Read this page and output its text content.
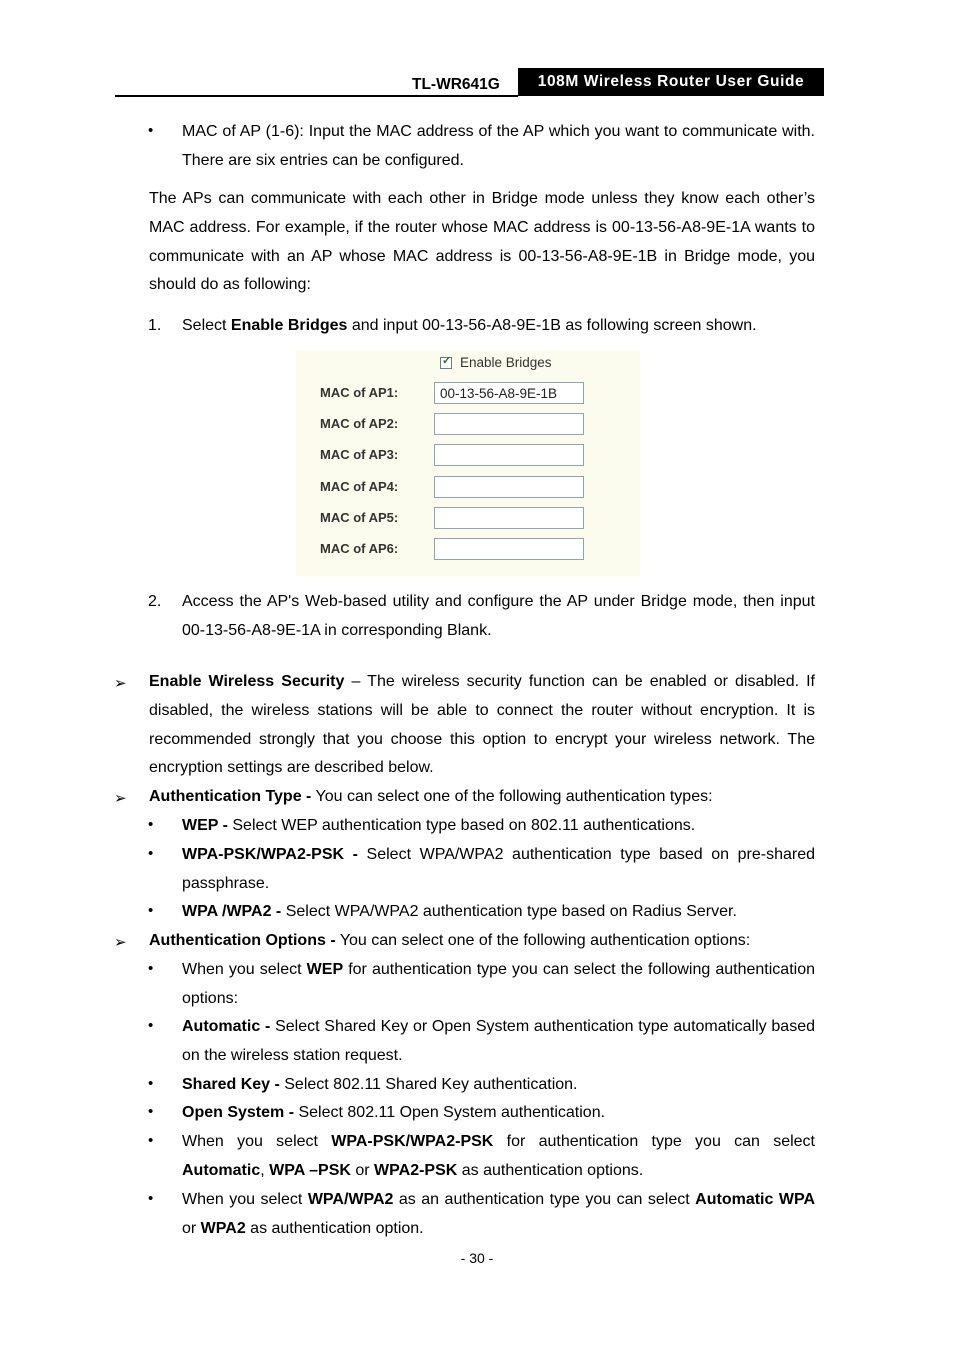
TL-WR641G	108M Wireless Router User Guide
• MAC of AP (1-6): Input the MAC address of the AP which you want to communicate with. There are six entries can be configured.
The APs can communicate with each other in Bridge mode unless they know each other’s MAC address. For example, if the router whose MAC address is 00-13-56-A8-9E-1A wants to communicate with an AP whose MAC address is 00-13-56-A8-9E-1B in Bridge mode, you should do as following:
1. Select Enable Bridges and input 00-13-56-A8-9E-1B as following screen shown.
✓ Enable Bridges
MAC of AP1:
00-13-56-A8-9E-1B
MAC of AP2:
MAC of AP3:
MAC of AP4:
MAC of AP5:
MAC of AP6:
2. Access the AP's Web-based utility and configure the AP under Bridge mode, then input 00-13-56-A8-9E-1A in corresponding Blank.
➢ Enable Wireless Security – The wireless security function can be enabled or disabled. If disabled, the wireless stations will be able to connect the router without encryption. It is recommended strongly that you choose this option to encrypt your wireless network. The encryption settings are described below.
➢ Authentication Type - You can select one of the following authentication types:
• WEP - Select WEP authentication type based on 802.11 authentications.
• WPA-PSK/WPA2-PSK - Select WPA/WPA2 authentication type based on pre-shared passphrase.
• WPA /WPA2 - Select WPA/WPA2 authentication type based on Radius Server.
➢ Authentication Options - You can select one of the following authentication options:
• When you select WEP for authentication type you can select the following authentication options:
• Automatic - Select Shared Key or Open System authentication type automatically based on the wireless station request.
• Shared Key - Select 802.11 Shared Key authentication.
• Open System - Select 802.11 Open System authentication.
• When you select WPA-PSK/WPA2-PSK for authentication type you can select Automatic, WPA –PSK or WPA2-PSK as authentication options.
• When you select WPA/WPA2 as an authentication type you can select Automatic WPA or WPA2 as authentication option.
- 30 -
